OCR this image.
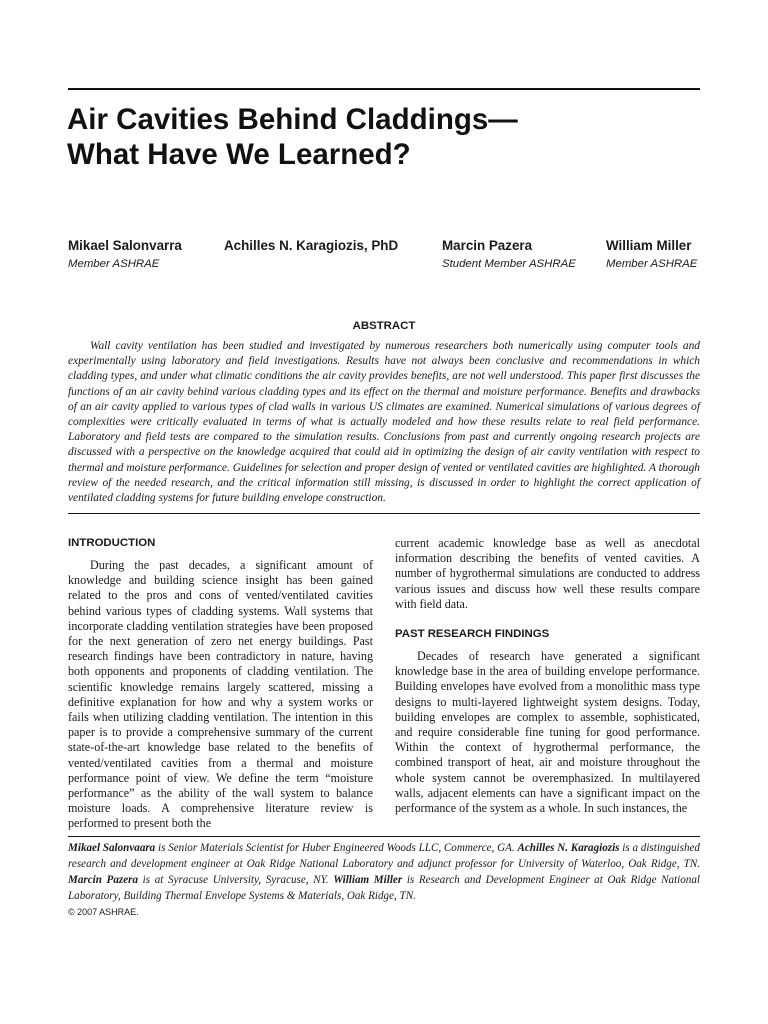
Air Cavities Behind Claddings—
What Have We Learned?
Mikael Salonvarra
Member ASHRAE
Achilles N. Karagiozis, PhD	Marcin Pazera
Student Member ASHRAE
William Miller
Member ASHRAE
ABSTRACT

Wall cavity ventilation has been studied and investigated by numerous researchers both numerically using computer tools and experimentally using laboratory and field investigations. Results have not always been conclusive and recommendations in which cladding types, and under what climatic conditions the air cavity provides benefits, are not well understood. This paper first discusses the functions of an air cavity behind various cladding types and its effect on the thermal and moisture performance. Benefits and drawbacks of an air cavity applied to various types of clad walls in various US climates are examined. Numerical simulations of various degrees of complexities were critically evaluated in terms of what is actually modeled and how these results relate to real field performance. Laboratory and field tests are compared to the simulation results. Conclusions from past and currently ongoing research projects are discussed with a perspective on the knowledge acquired that could aid in optimizing the design of air cavity ventilation with respect to thermal and moisture performance. Guidelines for selection and proper design of vented or ventilated cavities are highlighted. A thorough review of the needed research, and the critical information still missing, is discussed in order to highlight the correct application of ventilated cladding systems for future building envelope construction.

INTRODUCTION

During the past decades, a significant amount of knowledge and building science insight has been gained related to the pros and cons of vented/ventilated cavities behind various types of cladding systems. Wall systems that incorporate cladding ventilation strategies have been proposed for the next generation of zero net energy buildings. Past research findings have been contradictory in nature, having both opponents and proponents of cladding ventilation. The scientific knowledge remains largely scattered, missing a definitive explanation for how and why a system works or fails when utilizing cladding ventilation. The intention in this paper is to provide a comprehensive summary of the current state-of-the-art knowledge base related to the benefits of vented/ventilated cavities from a thermal and moisture performance point of view. We define the term “moisture performance” as the ability of the wall system to balance moisture loads. A comprehensive literature review is performed to present both the

current academic knowledge base as well as anecdotal information describing the benefits of vented cavities. A number of hygrothermal simulations are conducted to address various issues and discuss how well these results compare with field data.

PAST RESEARCH FINDINGS

Decades of research have generated a significant knowledge base in the area of building envelope performance. Building envelopes have evolved from a monolithic mass type designs to multi-layered lightweight system designs. Today, building envelopes are complex to assemble, sophisticated, and require considerable fine tuning for good performance. Within the context of hygrothermal performance, the combined transport of heat, air and moisture throughout the whole system cannot be overemphasized. In multilayered walls, adjacent elements can have a significant impact on the performance of the system as a whole. In such instances, the

Mikael Salonvaara is Senior Materials Scientist for Huber Engineered Woods LLC, Commerce, GA. Achilles N. Karagiozis is a distinguished research and development engineer at Oak Ridge National Laboratory and adjunct professor for University of Waterloo, Oak Ridge, TN. Marcin Pazera is at Syracuse University, Syracuse, NY. William Miller is Research and Development Engineer at Oak Ridge National Laboratory, Building Thermal Envelope Systems & Materials, Oak Ridge, TN.

© 2007 ASHRAE.
